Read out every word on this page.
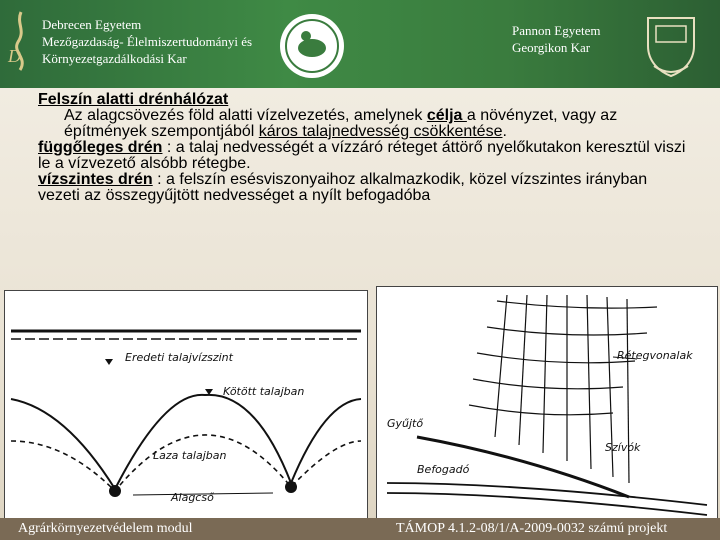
D
Debrecen Egyetem
Mezőgazdaság- Élelmiszertudományi és
Környezetgazdálkodási Kar
Pannon Egyetem
Georgikon Kar

Felszín alatti drénhálózat

Az alagcsövezés föld alatti vízelvezetés, amelynek célja a növényzet, vagy az építmények szempontjából káros talajnedvesség csökkentése.

függőleges drén : a talaj nedvességét a vízzáró réteget áttörő nyelőkutakon keresztül viszi le a vízvezető alsóbb rétegbe.

vízszintes drén : a felszín esésviszonyaihoz alkalmazkodik, közel vízszintes irányban vezeti az összegyűjtött nedvességet a nyílt befogadóba

Eredeti talajvízszint
Kötött talajban
Laza talajban
Alagcső
Rétegvonalak
Gyűjtő
Szívók
Befogadó
Agrárkörnyezetvédelem modul	TÁMOP 4.1.2-08/1/A-2009-0032 számú projekt
